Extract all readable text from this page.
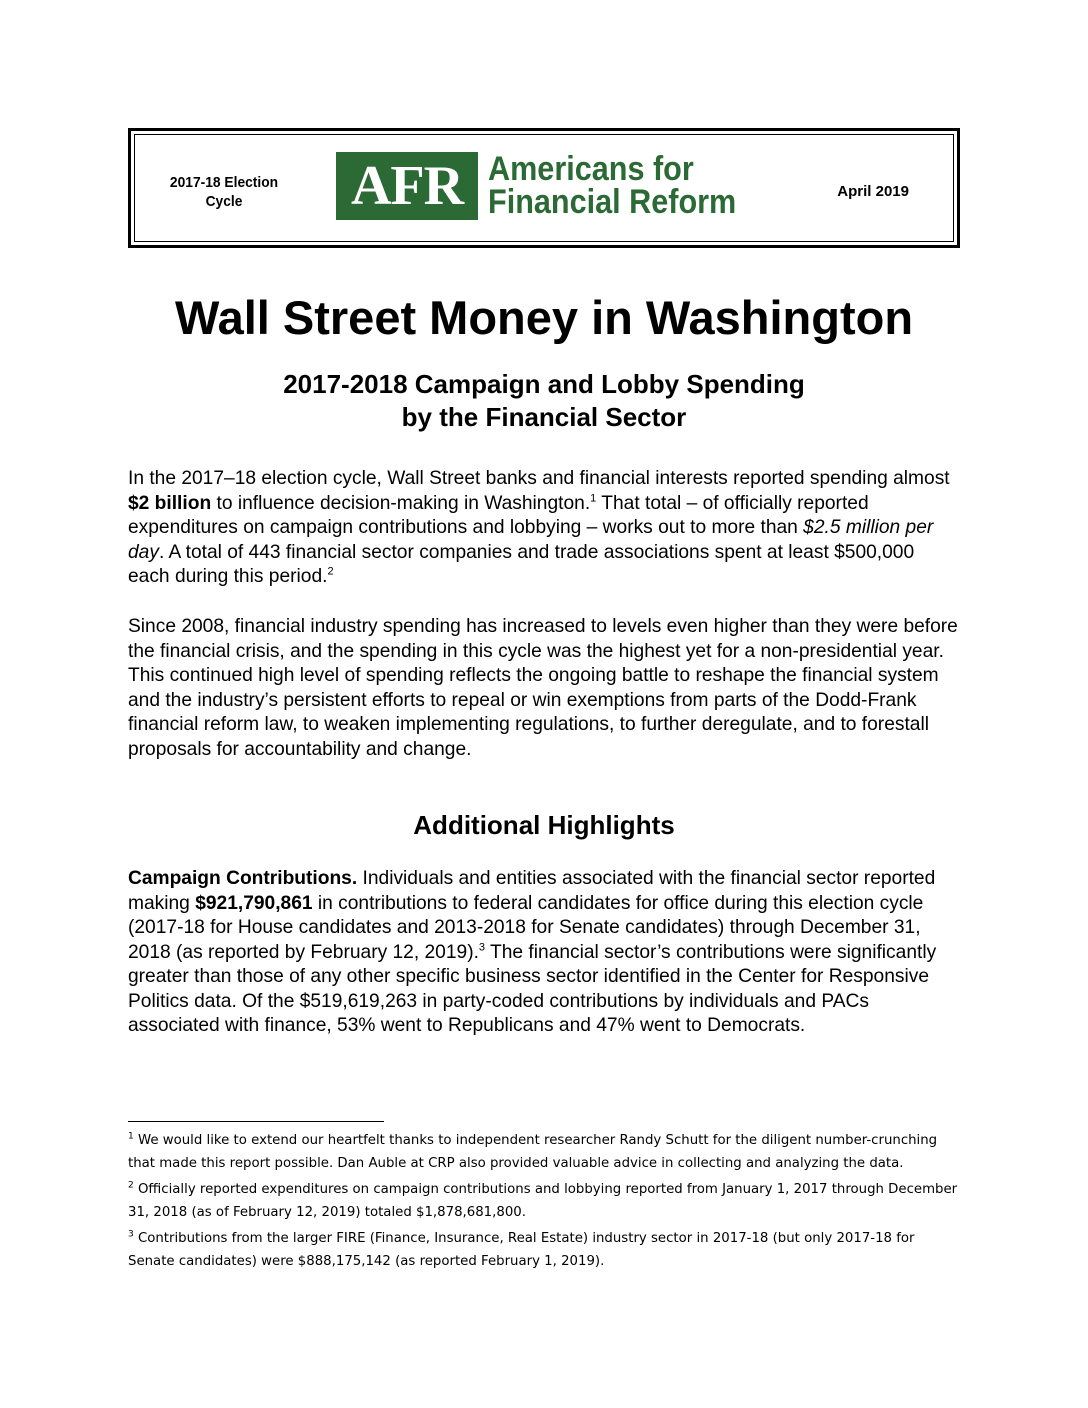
2017-18 Election Cycle	AFR Americans for
Financial Reform	April 2019
Wall Street Money in Washington
2017-2018 Campaign and Lobby Spending
by the Financial Sector
In the 2017–18 election cycle, Wall Street banks and financial interests reported spending almost $2 billion to influence decision-making in Washington.$^1$ That total – of officially reported expenditures on campaign contributions and lobbying – works out to more than $2.5 million per day. A total of 443 financial sector companies and trade associations spent at least $500,000 each during this period.$^2$
Since 2008, financial industry spending has increased to levels even higher than they were before the financial crisis, and the spending in this cycle was the highest yet for a non-presidential year. This continued high level of spending reflects the ongoing battle to reshape the financial system and the industry’s persistent efforts to repeal or win exemptions from parts of the Dodd-Frank financial reform law, to weaken implementing regulations, to further deregulate, and to forestall proposals for accountability and change.
Additional Highlights
Campaign Contributions. Individuals and entities associated with the financial sector reported making $921,790,861 in contributions to federal candidates for office during this election cycle (2017-18 for House candidates and 2013-2018 for Senate candidates) through December 31, 2018 (as reported by February 12, 2019).$^3$ The financial sector’s contributions were significantly greater than those of any other specific business sector identified in the Center for Responsive Politics data. Of the $519,619,263 in party-coded contributions by individuals and PACs associated with finance, 53% went to Republicans and 47% went to Democrats.
$^1$ We would like to extend our heartfelt thanks to independent researcher Randy Schutt for the diligent number-crunching that made this report possible. Dan Auble at CRP also provided valuable advice in collecting and analyzing the data.
$^2$ Officially reported expenditures on campaign contributions and lobbying reported from January 1, 2017 through December 31, 2018 (as of February 12, 2019) totaled $1,878,681,800.
$^3$ Contributions from the larger FIRE (Finance, Insurance, Real Estate) industry sector in 2017-18 (but only 2017-18 for Senate candidates) were $888,175,142 (as reported February 1, 2019).
